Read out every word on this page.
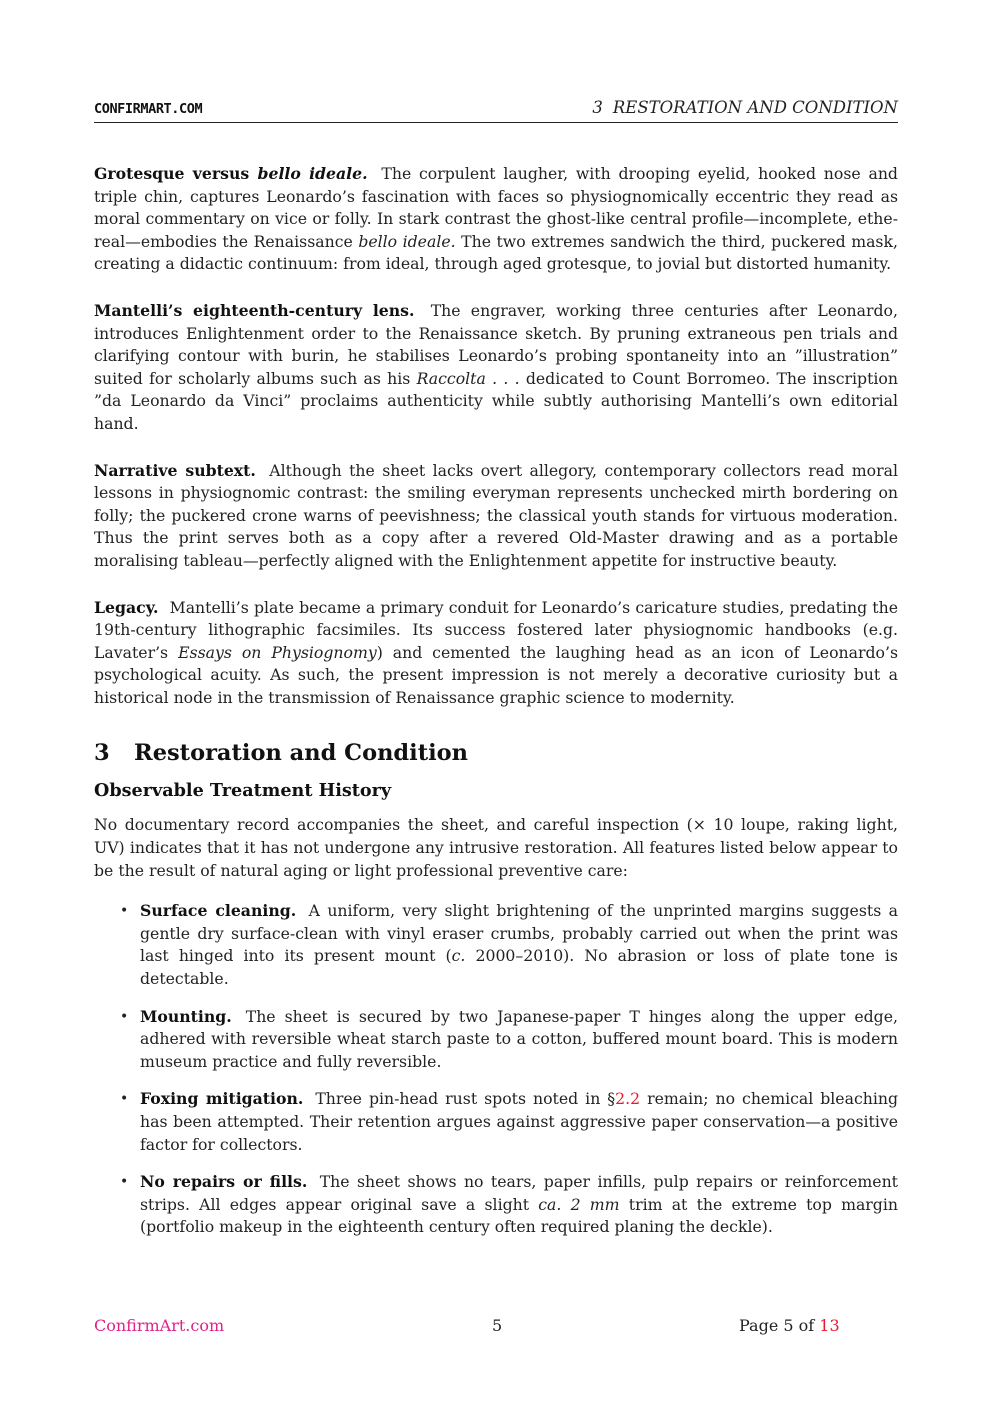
CONFIRMART.COM	3 RESTORATION AND CONDITION

Grotesque versus bello ideale. The corpulent laugher, with drooping eyelid, hooked nose and triple chin, captures Leonardo’s fascination with faces so physiognomically eccentric they read as moral commentary on vice or folly. In stark contrast the ghost-like central profile—incomplete, ethereal—embodies the Renaissance bello ideale. The two extremes sandwich the third, puckered mask, creating a didactic continuum: from ideal, through aged grotesque, to jovial but distorted humanity.

Mantelli’s eighteenth-century lens. The engraver, working three centuries after Leonardo, introduces Enlightenment order to the Renaissance sketch. By pruning extraneous pen trials and clarifying contour with burin, he stabilises Leonardo’s probing spontaneity into an ”illustration” suited for scholarly albums such as his Raccolta . . . dedicated to Count Borromeo. The inscription ”da Leonardo da Vinci” proclaims authenticity while subtly authorising Mantelli’s own editorial hand.

Narrative subtext. Although the sheet lacks overt allegory, contemporary collectors read moral lessons in physiognomic contrast: the smiling everyman represents unchecked mirth bordering on folly; the puckered crone warns of peevishness; the classical youth stands for virtuous moderation. Thus the print serves both as a copy after a revered Old-Master drawing and as a portable moralising tableau—perfectly aligned with the Enlightenment appetite for instructive beauty.

Legacy. Mantelli’s plate became a primary conduit for Leonardo’s caricature studies, predating the 19th-century lithographic facsimiles. Its success fostered later physiognomic handbooks (e.g. Lavater’s Essays on Physiognomy) and cemented the laughing head as an icon of Leonardo’s psychological acuity. As such, the present impression is not merely a decorative curiosity but a historical node in the transmission of Renaissance graphic science to modernity.

3 Restoration and Condition
Observable Treatment History

No documentary record accompanies the sheet, and careful inspection (× 10 loupe, raking light, UV) indicates that it has not undergone any intrusive restoration. All features listed below appear to be the result of natural aging or light professional preventive care:

• Surface cleaning. A uniform, very slight brightening of the unprinted margins suggests a gentle dry surface-clean with vinyl eraser crumbs, probably carried out when the print was last hinged into its present mount (c. 2000–2010). No abrasion or loss of plate tone is detectable.
• Mounting. The sheet is secured by two Japanese-paper T hinges along the upper edge, adhered with reversible wheat starch paste to a cotton, buffered mount board. This is modern museum practice and fully reversible.
• Foxing mitigation. Three pin-head rust spots noted in §2.2 remain; no chemical bleaching has been attempted. Their retention argues against aggressive paper conservation—a positive factor for collectors.
• No repairs or fills. The sheet shows no tears, paper infills, pulp repairs or reinforcement strips. All edges appear original save a slight ca. 2 mm trim at the extreme top margin (portfolio makeup in the eighteenth century often required planing the deckle).
ConfirmArt.com	5	Page 5 of 13
